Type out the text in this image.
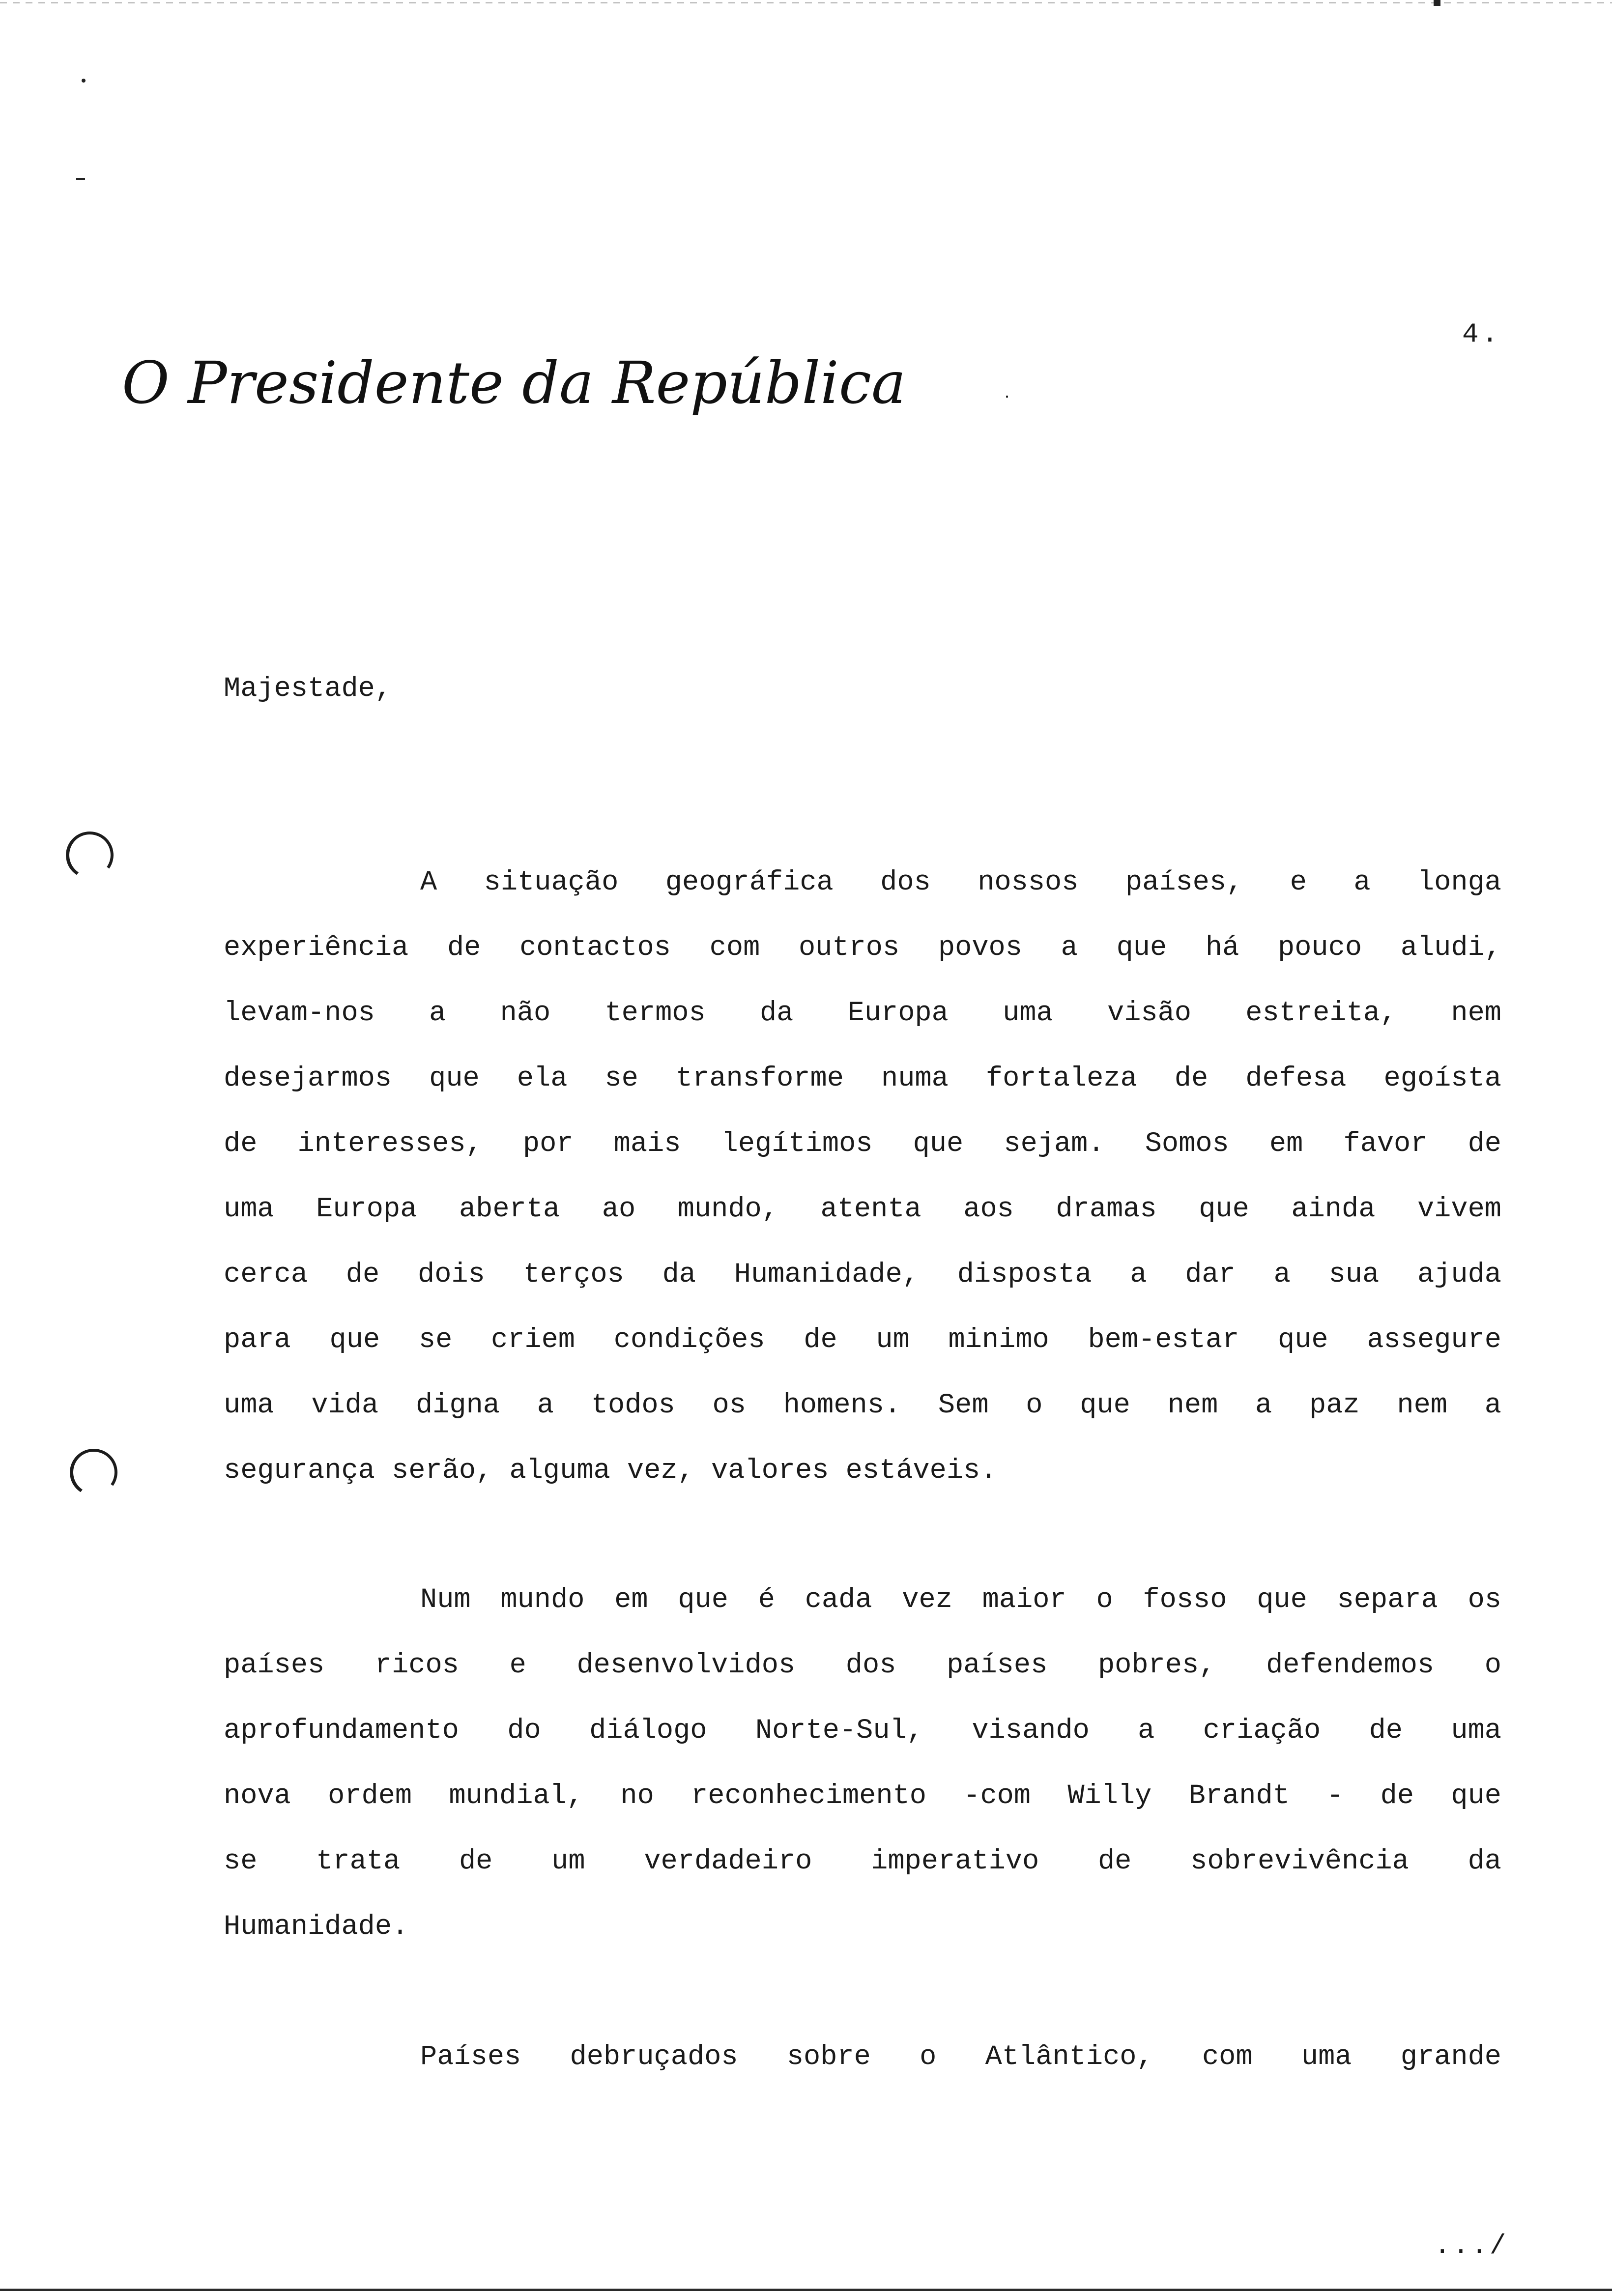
O Presidente da República
4.
Majestade,
A situação geográfica dos nossos países, e a longa
experiência de contactos com outros povos a que há pouco aludi,
levam-nos a não termos da Europa uma visão estreita, nem
desejarmos que ela se transforme numa fortaleza de defesa egoísta
de interesses, por mais legítimos que sejam. Somos em favor de
uma Europa aberta ao mundo, atenta aos dramas que ainda vivem
cerca de dois terços da Humanidade, disposta a dar a sua ajuda
para que se criem condições de um minimo bem-estar que assegure
uma vida digna a todos os homens. Sem o que nem a paz nem a
segurança serão, alguma vez, valores estáveis.
Num mundo em que é cada vez maior o fosso que separa os
países ricos e desenvolvidos dos países pobres, defendemos o
aprofundamento do diálogo Norte-Sul, visando a criação de uma
nova ordem mundial, no reconhecimento -com Willy Brandt - de que
se trata de um verdadeiro imperativo de sobrevivência da
Humanidade.
Países debruçados sobre o Atlântico, com uma grande
.../
